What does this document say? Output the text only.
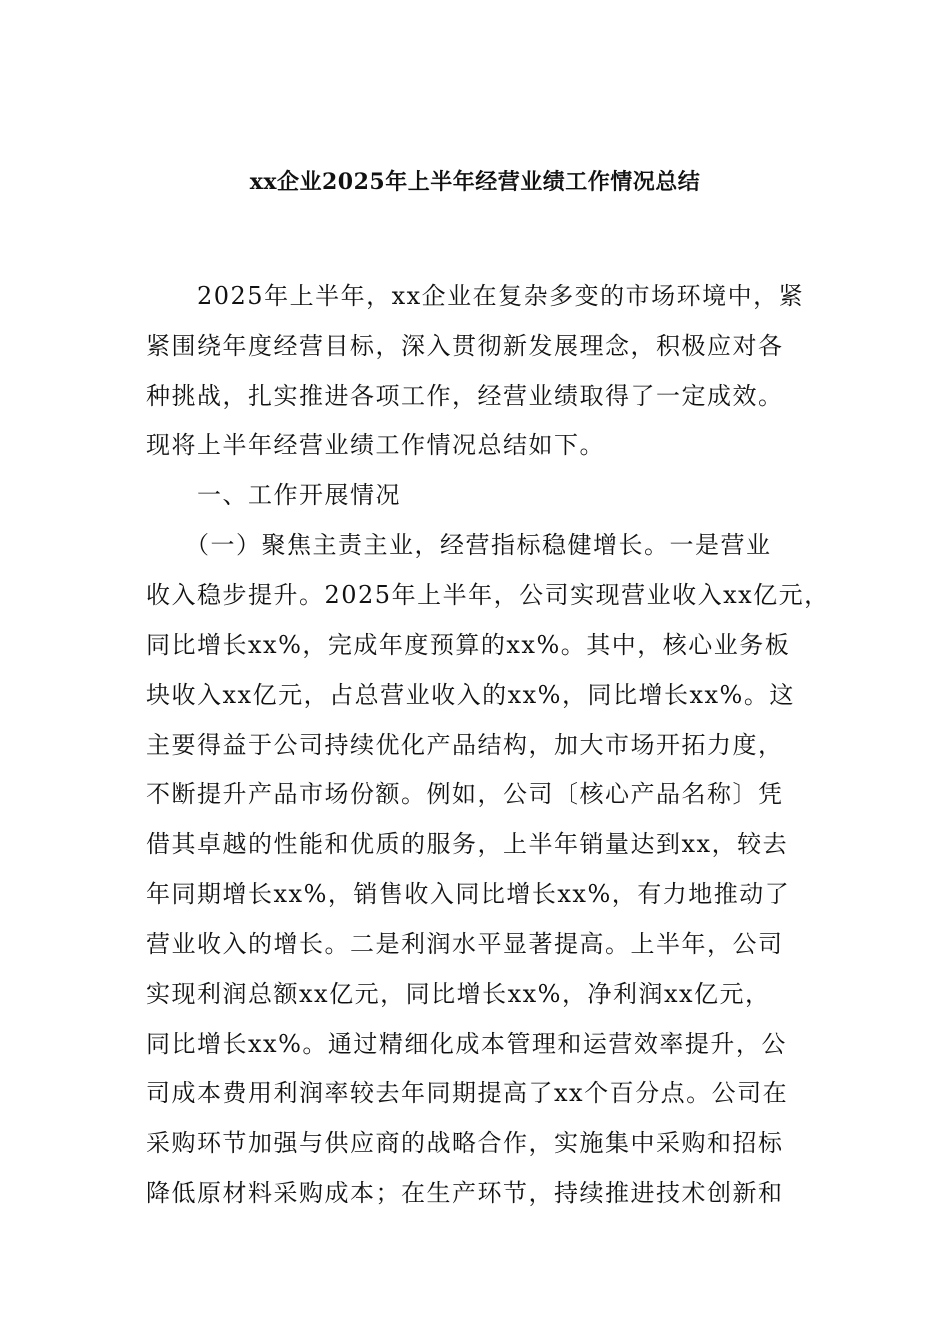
xx企业2025年上半年经营业绩工作情况总结
　　2025年上半年，xx企业在复杂多变的市场环境中，紧
紧围绕年度经营目标，深入贯彻新发展理念，积极应对各
种挑战，扎实推进各项工作，经营业绩取得了一定成效。
现将上半年经营业绩工作情况总结如下。
　　一、工作开展情况
　　（一）聚焦主责主业，经营指标稳健增长。一是营业
收入稳步提升。2025年上半年，公司实现营业收入xx亿元，
同比增长xx%，完成年度预算的xx%。其中，核心业务板
块收入xx亿元，占总营业收入的xx%，同比增长xx%。这
主要得益于公司持续优化产品结构，加大市场开拓力度，
不断提升产品市场份额。例如，公司〔核心产品名称〕凭
借其卓越的性能和优质的服务，上半年销量达到xx，较去
年同期增长xx%，销售收入同比增长xx%，有力地推动了
营业收入的增长。二是利润水平显著提高。上半年，公司
实现利润总额xx亿元，同比增长xx%，净利润xx亿元，
同比增长xx%。通过精细化成本管理和运营效率提升，公
司成本费用利润率较去年同期提高了xx个百分点。公司在
采购环节加强与供应商的战略合作，实施集中采购和招标
降低原材料采购成本；在生产环节，持续推进技术创新和
